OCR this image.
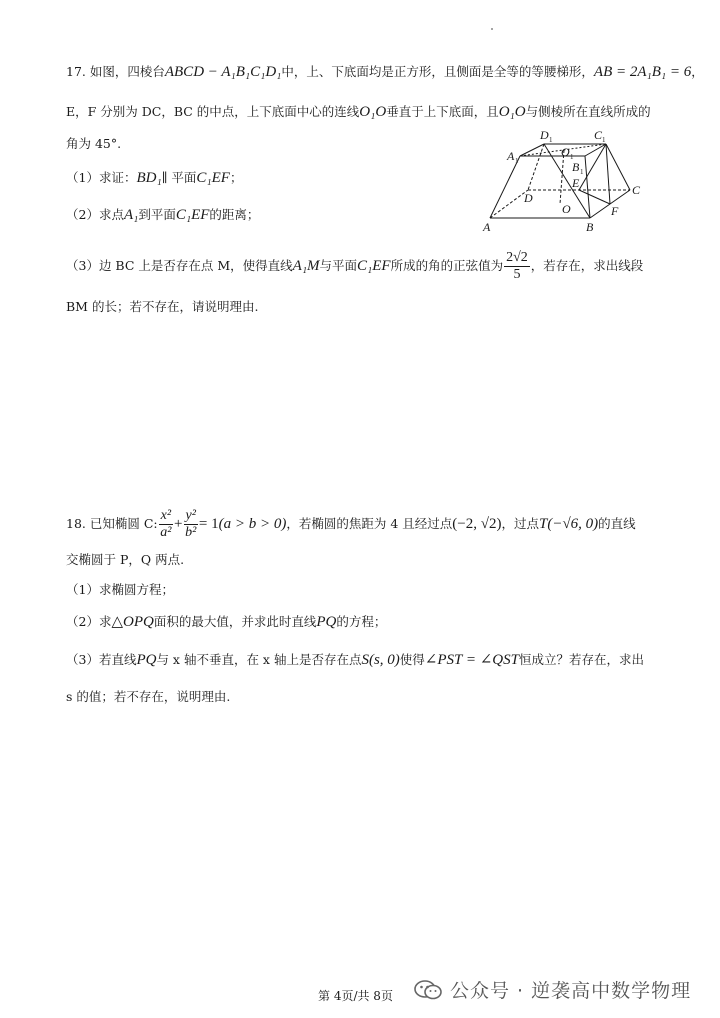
17. 如图，四棱台ABCD − A₁B₁C₁D₁中，上、下底面均是正方形，且侧面是全等的等腰梯形，AB = 2A₁B₁ = 6，
E，F 分别为 DC，BC 的中点，上下底面中心的连线O₁O垂直于上下底面，且O₁O与侧棱所在直线所成的
角为 45°.
（1）求证：BD₁∥ 平面C₁EF；
（2）求点A₁到平面C₁EF的距离；
（3）边 BC 上是否存在点 M，使得直线A₁M与平面C₁EF所成的角的正弦值为 $\frac{2√2}{5}$ ，若存在，求出线段
BM 的长；若不存在，请说明理由.
A 1
D 1	C 1
O 1
B 1
E	C
D
O	F
A	B
18. 已知椭圆 C: $\frac{\text{x²}}{\text{a²}} + \frac{\text{y²}}{\text{b²}} = 1(a > b > 0)$，若椭圆的焦距为 4 且经过点(−2, √2)，过点T(−√6, 0)的直线
交椭圆于 P，Q 两点.
（1）求椭圆方程；
（2）求△OPQ面积的最大值，并求此时直线PQ的方程；
（3）若直线PQ与 x 轴不垂直，在 x 轴上是否存在点S(s, 0)使得∠PST = ∠QST恒成立？若存在，求出
s 的值；若不存在，说明理由.
第 4页/共 8页	公众号 · 逆袭高中数学物理
